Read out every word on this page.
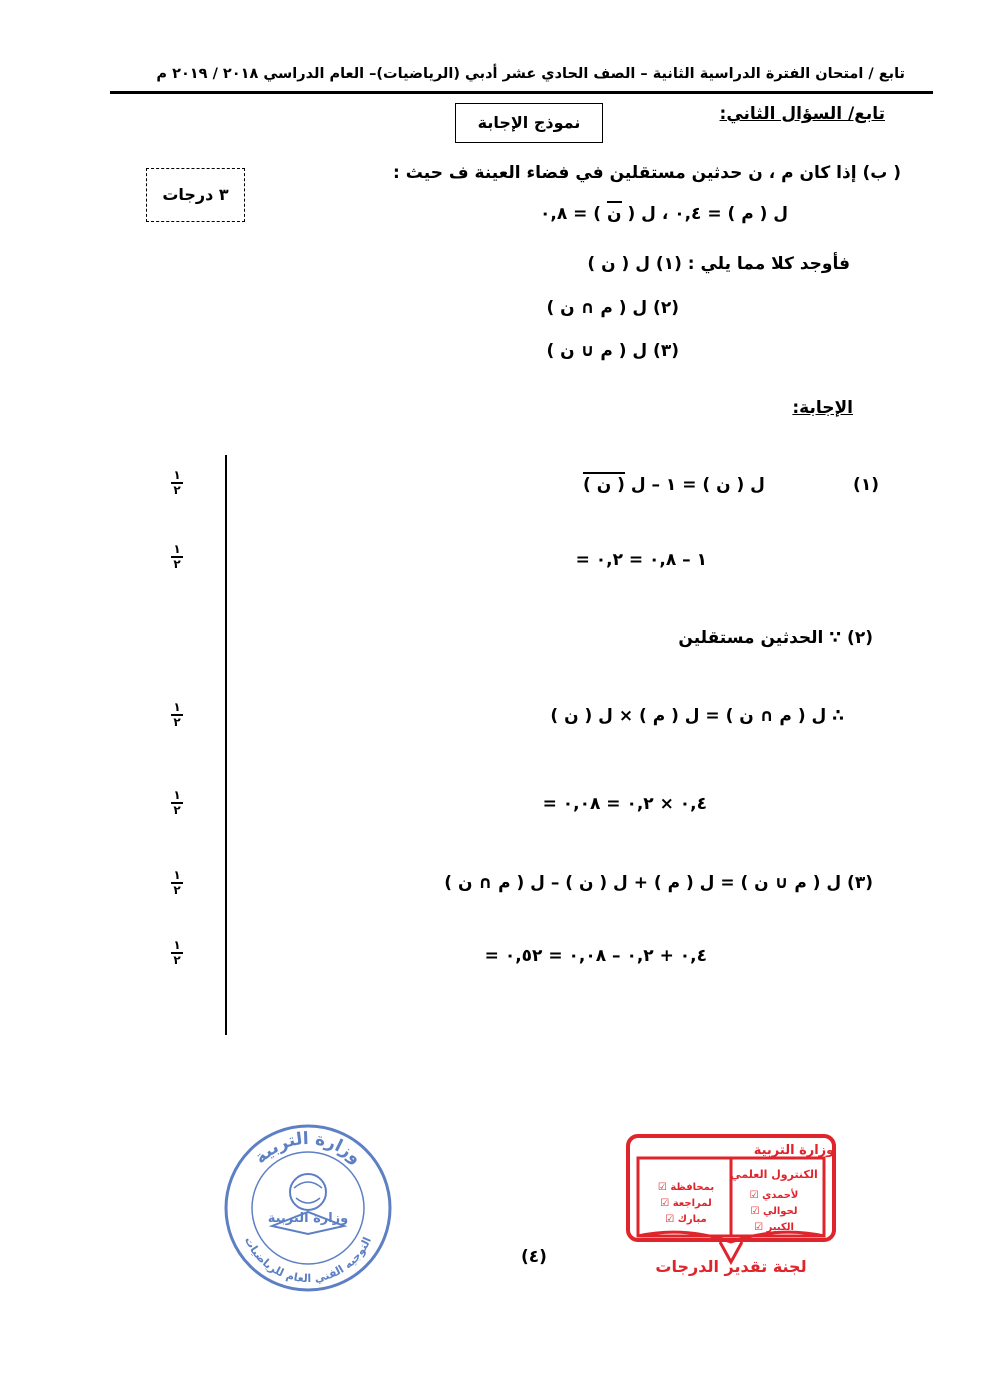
تابع / امتحان الفترة الدراسية الثانية – الصف الحادي عشر أدبي (الرياضيات)– العام الدراسي ٢٠١٨ / ٢٠١٩ م
تابع/ السؤال الثاني:
نموذج الإجابة
٣ درجات
( ب) إذا كان م ، ن حدثين مستقلين في فضاء العينة ف حيث :
ل ( م ) = ٠,٤ ، ل ( ن ) = ٠,٨
فأوجد كلا مما يلي : (١) ل ( ن )
(٢) ل ( م ∩ ن )
(٣) ل ( م ∪ ن )
الإجابة:
(١)
ل ( ن ) = ١ – ل ( ن )
= ١ – ٠,٨ = ٠,٢
(٢) ∵ الحدثين مستقلين
∴ ل ( م ∩ ن ) = ل ( م ) × ل ( ن )
= ٠,٤ × ٠,٢ = ٠,٠٨
(٣) ل ( م ∪ ن ) = ل ( م ) + ل ( ن ) – ل ( م ∩ ن )
= ٠,٤ + ٠,٢ – ٠,٠٨ = ٠,٥٢
١
٢
١
٢
١
٢
١
٢
١
٢
١
٢
وزارة التربية
التوجيه الفني العام للرياضيات
وزارة التربية
(٤)
وزارة التربية
الكنترول العلمي
☑ بمحافظة
☑ لأحمدي
☑ لمراجعة
☑ لحوالي
☑ مبارك
☑ الكبير
لجنة تقدير الدرجات
